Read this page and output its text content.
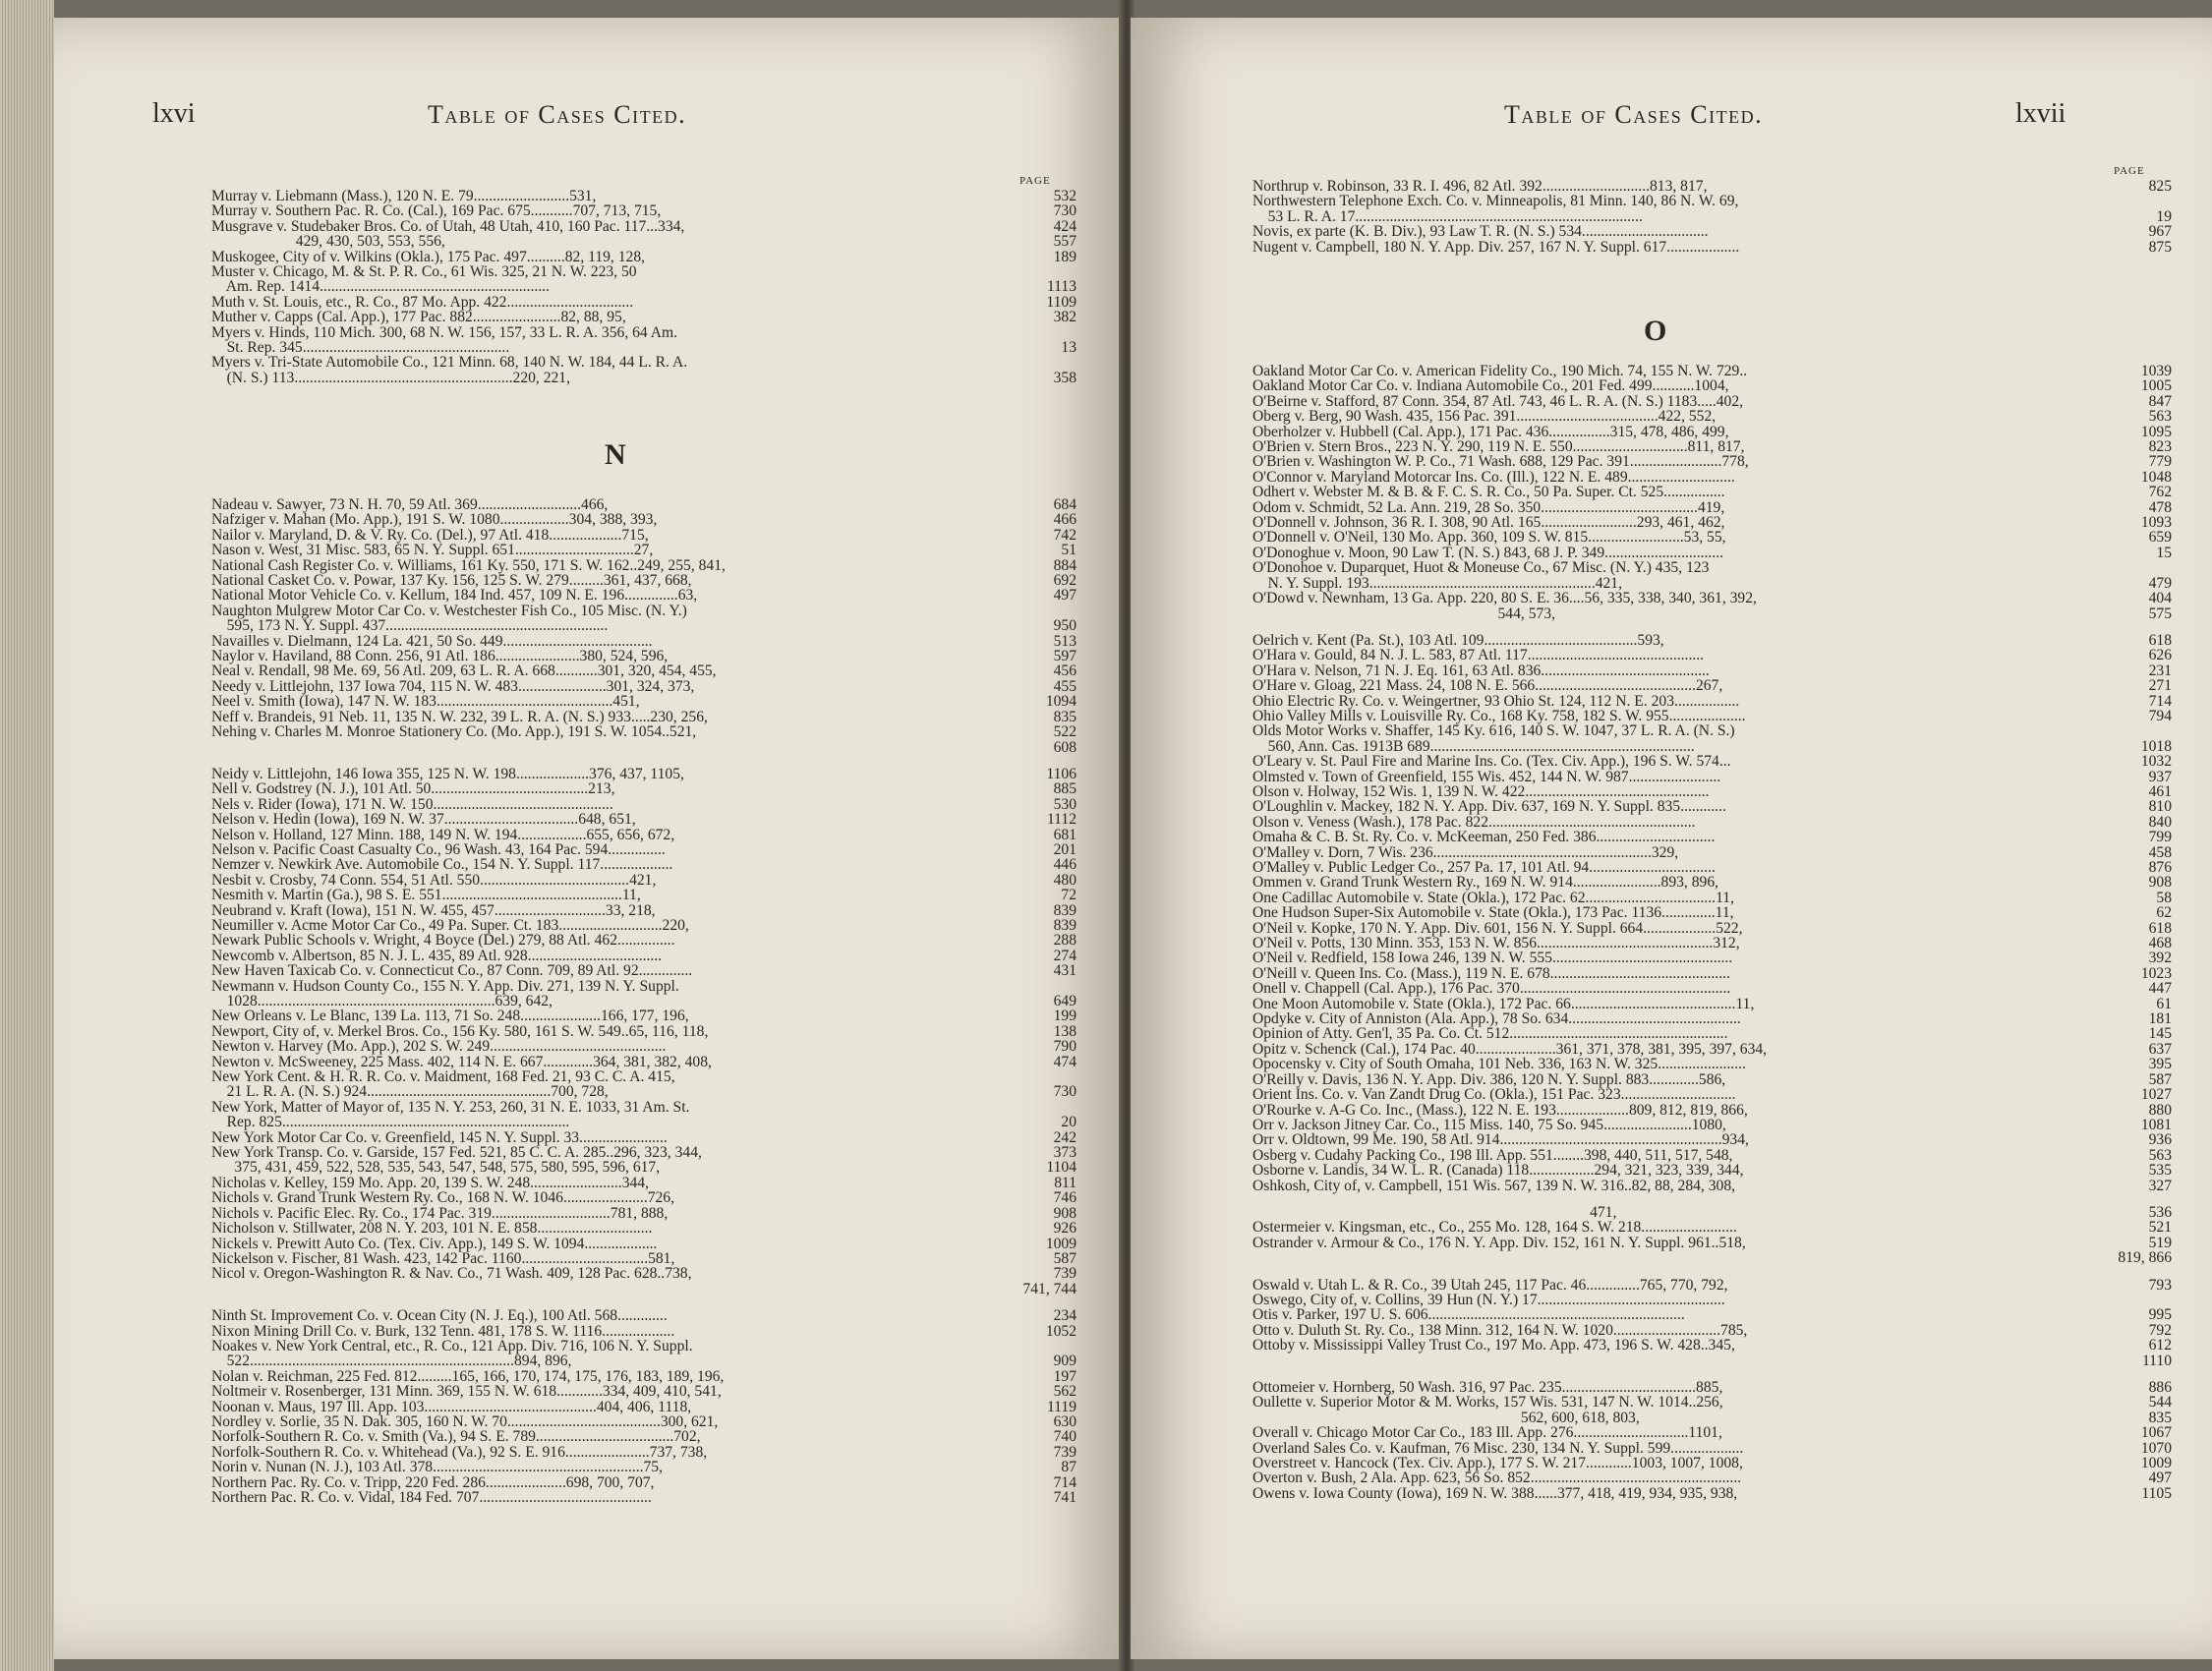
lxvi	Table of Cases Cited.
PAGE
Murray v. Liebmann (Mass.), 120 N. E. 79.........................531,	532
Murray v. Southern Pac. R. Co. (Cal.), 169 Pac. 675...........707, 713, 715,	730
Musgrave v. Studebaker Bros. Co. of Utah, 48 Utah, 410, 160 Pac. 117...334,	424
429, 430, 503, 553, 556,	557
Muskogee, City of v. Wilkins (Okla.), 175 Pac. 497..........82, 119, 128,	189
Muster v. Chicago, M. & St. P. R. Co., 61 Wis. 325, 21 N. W. 223, 50
Am. Rep. 1414............................................................	1113
Muth v. St. Louis, etc., R. Co., 87 Mo. App. 422.................................	1109
Muther v. Capps (Cal. App.), 177 Pac. 882.......................82, 88, 95,	382
Myers v. Hinds, 110 Mich. 300, 68 N. W. 156, 157, 33 L. R. A. 356, 64 Am.
St. Rep. 345......................................................	13
Myers v. Tri-State Automobile Co., 121 Minn. 68, 140 N. W. 184, 44 L. R. A.
(N. S.) 113.........................................................220, 221,	358
N
Nadeau v. Sawyer, 73 N. H. 70, 59 Atl. 369...........................466,	684
Nafziger v. Mahan (Mo. App.), 191 S. W. 1080..................304, 388, 393,	466
Nailor v. Maryland, D. & V. Ry. Co. (Del.), 97 Atl. 418...................715,	742
Nason v. West, 31 Misc. 583, 65 N. Y. Suppl. 651...............................27,	51
National Cash Register Co. v. Williams, 161 Ky. 550, 171 S. W. 162..249, 255, 841,	884
National Casket Co. v. Powar, 137 Ky. 156, 125 S. W. 279.........361, 437, 668,	692
National Motor Vehicle Co. v. Kellum, 184 Ind. 457, 109 N. E. 196..............63,	497
Naughton Mulgrew Motor Car Co. v. Westchester Fish Co., 105 Misc. (N. Y.)
595, 173 N. Y. Suppl. 437..........................................................	950
Navailles v. Dielmann, 124 La. 421, 50 So. 449.......................................	513
Naylor v. Haviland, 88 Conn. 256, 91 Atl. 186......................380, 524, 596,	597
Neal v. Rendall, 98 Me. 69, 56 Atl. 209, 63 L. R. A. 668...........301, 320, 454, 455,	456
Needy v. Littlejohn, 137 Iowa 704, 115 N. W. 483.......................301, 324, 373,	455
Neel v. Smith (Iowa), 147 N. W. 183..............................................451,	1094
Neff v. Brandeis, 91 Neb. 11, 135 N. W. 232, 39 L. R. A. (N. S.) 933.....230, 256,	835
Nehing v. Charles M. Monroe Stationery Co. (Mo. App.), 191 S. W. 1054..521,	522
608
Neidy v. Littlejohn, 146 Iowa 355, 125 N. W. 198...................376, 437, 1105,	1106
Nell v. Godstrey (N. J.), 101 Atl. 50.........................................213,	885
Nels v. Rider (Iowa), 171 N. W. 150...............................................	530
Nelson v. Hedin (Iowa), 169 N. W. 37...................................648, 651,	1112
Nelson v. Holland, 127 Minn. 188, 149 N. W. 194..................655, 656, 672,	681
Nelson v. Pacific Coast Casualty Co., 96 Wash. 43, 164 Pac. 594...............	201
Nemzer v. Newkirk Ave. Automobile Co., 154 N. Y. Suppl. 117...................	446
Nesbit v. Crosby, 74 Conn. 554, 51 Atl. 550.......................................421,	480
Nesmith v. Martin (Ga.), 98 S. E. 551...............................................11,	72
Neubrand v. Kraft (Iowa), 151 N. W. 455, 457.............................33, 218,	839
Neumiller v. Acme Motor Car Co., 49 Pa. Super. Ct. 183...........................220,	839
Newark Public Schools v. Wright, 4 Boyce (Del.) 279, 88 Atl. 462...............	288
Newcomb v. Albertson, 85 N. J. L. 435, 89 Atl. 928...................................	274
New Haven Taxicab Co. v. Connecticut Co., 87 Conn. 709, 89 Atl. 92..............	431
Newmann v. Hudson County Co., 155 N. Y. App. Div. 271, 139 N. Y. Suppl.
1028..............................................................639, 642,	649
New Orleans v. Le Blanc, 139 La. 113, 71 So. 248.....................166, 177, 196,	199
Newport, City of, v. Merkel Bros. Co., 156 Ky. 580, 161 S. W. 549..65, 116, 118,	138
Newton v. Harvey (Mo. App.), 202 S. W. 249..............................................	790
Newton v. McSweeney, 225 Mass. 402, 114 N. E. 667.............364, 381, 382, 408,	474
New York Cent. & H. R. R. Co. v. Maidment, 168 Fed. 21, 93 C. C. A. 415,
21 L. R. A. (N. S.) 924................................................700, 728,	730
New York, Matter of Mayor of, 135 N. Y. 253, 260, 31 N. E. 1033, 31 Am. St.
Rep. 825...........................................................................	20
New York Motor Car Co. v. Greenfield, 145 N. Y. Suppl. 33.......................	242
New York Transp. Co. v. Garside, 157 Fed. 521, 85 C. C. A. 285..296, 323, 344,	373
375, 431, 459, 522, 528, 535, 543, 547, 548, 575, 580, 595, 596, 617,	1104
Nicholas v. Kelley, 159 Mo. App. 20, 139 S. W. 248........................344,	811
Nichols v. Grand Trunk Western Ry. Co., 168 N. W. 1046......................726,	746
Nichols v. Pacific Elec. Ry. Co., 174 Pac. 319...............................781, 888,	908
Nicholson v. Stillwater, 208 N. Y. 203, 101 N. E. 858..............................	926
Nickels v. Prewitt Auto Co. (Tex. Civ. App.), 149 S. W. 1094...................	1009
Nickelson v. Fischer, 81 Wash. 423, 142 Pac. 1160.................................581,	587
Nicol v. Oregon-Washington R. & Nav. Co., 71 Wash. 409, 128 Pac. 628..738,	739
741, 744
Ninth St. Improvement Co. v. Ocean City (N. J. Eq.), 100 Atl. 568.............	234
Nixon Mining Drill Co. v. Burk, 132 Tenn. 481, 178 S. W. 1116...................	1052
Noakes v. New York Central, etc., R. Co., 121 App. Div. 716, 106 N. Y. Suppl.
522.....................................................................894, 896,	909
Nolan v. Reichman, 225 Fed. 812.........165, 166, 170, 174, 175, 176, 183, 189, 196,	197
Noltmeir v. Rosenberger, 131 Minn. 369, 155 N. W. 618............334, 409, 410, 541,	562
Noonan v. Maus, 197 Ill. App. 103.............................................404, 406, 1118,	1119
Nordley v. Sorlie, 35 N. Dak. 305, 160 N. W. 70........................................300, 621,	630
Norfolk-Southern R. Co. v. Smith (Va.), 94 S. E. 789....................................702,	740
Norfolk-Southern R. Co. v. Whitehead (Va.), 92 S. E. 916......................737, 738,	739
Norin v. Nunan (N. J.), 103 Atl. 378.......................................................75,	87
Northern Pac. Ry. Co. v. Tripp, 220 Fed. 286.....................698, 700, 707,	714
Northern Pac. R. Co. v. Vidal, 184 Fed. 707.............................................	741
Table of Cases Cited.	lxvii
PAGE
Northrup v. Robinson, 33 R. I. 496, 82 Atl. 392............................813, 817,	825
Northwestern Telephone Exch. Co. v. Minneapolis, 81 Minn. 140, 86 N. W. 69,
53 L. R. A. 17...........................................................................	19
Novis, ex parte (K. B. Div.), 93 Law T. R. (N. S.) 534.................................	967
Nugent v. Campbell, 180 N. Y. App. Div. 257, 167 N. Y. Suppl. 617...................	875
O
Oakland Motor Car Co. v. American Fidelity Co., 190 Mich. 74, 155 N. W. 729..	1039
Oakland Motor Car Co. v. Indiana Automobile Co., 201 Fed. 499...........1004,	1005
O'Beirne v. Stafford, 87 Conn. 354, 87 Atl. 743, 46 L. R. A. (N. S.) 1183.....402,	847
Oberg v. Berg, 90 Wash. 435, 156 Pac. 391.....................................422, 552,	563
Oberholzer v. Hubbell (Cal. App.), 171 Pac. 436................315, 478, 486, 499,	1095
O'Brien v. Stern Bros., 223 N. Y. 290, 119 N. E. 550..............................811, 817,	823
O'Brien v. Washington W. P. Co., 71 Wash. 688, 129 Pac. 391........................778,	779
O'Connor v. Maryland Motorcar Ins. Co. (Ill.), 122 N. E. 489............................	1048
Odhert v. Webster M. & B. & F. C. S. R. Co., 50 Pa. Super. Ct. 525................	762
Odom v. Schmidt, 52 La. Ann. 219, 28 So. 350.........................................419,	478
O'Donnell v. Johnson, 36 R. I. 308, 90 Atl. 165.........................293, 461, 462,	1093
O'Donnell v. O'Neil, 130 Mo. App. 360, 109 S. W. 815.........................53, 55,	659
O'Donoghue v. Moon, 90 Law T. (N. S.) 843, 68 J. P. 349...............................	15
O'Donohoe v. Duparquet, Huot & Moneuse Co., 67 Misc. (N. Y.) 435, 123
N. Y. Suppl. 193...........................................................421,	479
O'Dowd v. Newnham, 13 Ga. App. 220, 80 S. E. 36....56, 335, 338, 340, 361, 392,	404
544, 573,	575
Oelrich v. Kent (Pa. St.), 103 Atl. 109........................................593,	618
O'Hara v. Gould, 84 N. J. L. 583, 87 Atl. 117..............................................	626
O'Hara v. Nelson, 71 N. J. Eq. 161, 63 Atl. 836............................................	231
O'Hare v. Gloag, 221 Mass. 24, 108 N. E. 566..........................................267,	271
Ohio Electric Ry. Co. v. Weingertner, 93 Ohio St. 124, 112 N. E. 203.................	714
Ohio Valley Mills v. Louisville Ry. Co., 168 Ky. 758, 182 S. W. 955....................	794
Olds Motor Works v. Shaffer, 145 Ky. 616, 140 S. W. 1047, 37 L. R. A. (N. S.)
560, Ann. Cas. 1913B 689.....................................................................	1018
O'Leary v. St. Paul Fire and Marine Ins. Co. (Tex. Civ. App.), 196 S. W. 574...	1032
Olmsted v. Town of Greenfield, 155 Wis. 452, 144 N. W. 987........................	937
Olson v. Holway, 152 Wis. 1, 139 N. W. 422................................................	461
O'Loughlin v. Mackey, 182 N. Y. App. Div. 637, 169 N. Y. Suppl. 835............	810
Olson v. Veness (Wash.), 178 Pac. 822......................................................	840
Omaha & C. B. St. Ry. Co. v. McKeeman, 250 Fed. 386...............................	799
O'Malley v. Dorn, 7 Wis. 236.........................................................329,	458
O'Malley v. Public Ledger Co., 257 Pa. 17, 101 Atl. 94.................................	876
Ommen v. Grand Trunk Western Ry., 169 N. W. 914.......................893, 896,	908
One Cadillac Automobile v. State (Okla.), 172 Pac. 62..................................11,	58
One Hudson Super-Six Automobile v. State (Okla.), 173 Pac. 1136..............11,	62
O'Neil v. Kopke, 170 N. Y. App. Div. 601, 156 N. Y. Suppl. 664...................522,	618
O'Neil v. Potts, 130 Minn. 353, 153 N. W. 856..............................................312,	468
O'Neil v. Redfield, 158 Iowa 246, 139 N. W. 555...............................................	392
O'Neill v. Queen Ins. Co. (Mass.), 119 N. E. 678...............................................	1023
Onell v. Chappell (Cal. App.), 176 Pac. 370.......................................................	447
One Moon Automobile v. State (Okla.), 172 Pac. 66...........................................11,	61
Opdyke v. City of Anniston (Ala. App.), 78 So. 634.............................................	181
Opinion of Atty. Gen'l, 35 Pa. Co. Ct. 512.........................................................	145
Opitz v. Schenck (Cal.), 174 Pac. 40.....................361, 371, 378, 381, 395, 397, 634,	637
Opocensky v. City of South Omaha, 101 Neb. 336, 163 N. W. 325.......................	395
O'Reilly v. Davis, 136 N. Y. App. Div. 386, 120 N. Y. Suppl. 883.............586,	587
Orient Ins. Co. v. Van Zandt Drug Co. (Okla.), 151 Pac. 323..............................	1027
O'Rourke v. A-G Co. Inc., (Mass.), 122 N. E. 193...................809, 812, 819, 866,	880
Orr v. Jackson Jitney Car. Co., 115 Miss. 140, 75 So. 945.......................1080,	1081
Orr v. Oldtown, 99 Me. 190, 58 Atl. 914..........................................................934,	936
Osberg v. Cudahy Packing Co., 198 Ill. App. 551........398, 440, 511, 517, 548,	563
Osborne v. Landis, 34 W. L. R. (Canada) 118.................294, 321, 323, 339, 344,	535
Oshkosh, City of, v. Campbell, 151 Wis. 567, 139 N. W. 316..82, 88, 284, 308,	327
471,	536
Ostermeier v. Kingsman, etc., Co., 255 Mo. 128, 164 S. W. 218.........................	521
Ostrander v. Armour & Co., 176 N. Y. App. Div. 152, 161 N. Y. Suppl. 961..518,	519
819, 866
Oswald v. Utah L. & R. Co., 39 Utah 245, 117 Pac. 46..............765, 770, 792,	793
Oswego, City of, v. Collins, 39 Hun (N. Y.) 17.................................................
Otis v. Parker, 197 U. S. 606...................................................................	995
Otto v. Duluth St. Ry. Co., 138 Minn. 312, 164 N. W. 1020............................785,	792
Ottoby v. Mississippi Valley Trust Co., 197 Mo. App. 473, 196 S. W. 428..345,	612
1110
Ottomeier v. Hornberg, 50 Wash. 316, 97 Pac. 235...................................885,	886
Oullette v. Superior Motor & M. Works, 157 Wis. 531, 147 N. W. 1014..256,	544
562, 600, 618, 803,	835
Overall v. Chicago Motor Car Co., 183 Ill. App. 276..............................1101,	1067
Overland Sales Co. v. Kaufman, 76 Misc. 230, 134 N. Y. Suppl. 599...................	1070
Overstreet v. Hancock (Tex. Civ. App.), 177 S. W. 217............1003, 1007, 1008,	1009
Overton v. Bush, 2 Ala. App. 623, 56 So. 852.......................................................	497
Owens v. Iowa County (Iowa), 169 N. W. 388......377, 418, 419, 934, 935, 938,	1105
